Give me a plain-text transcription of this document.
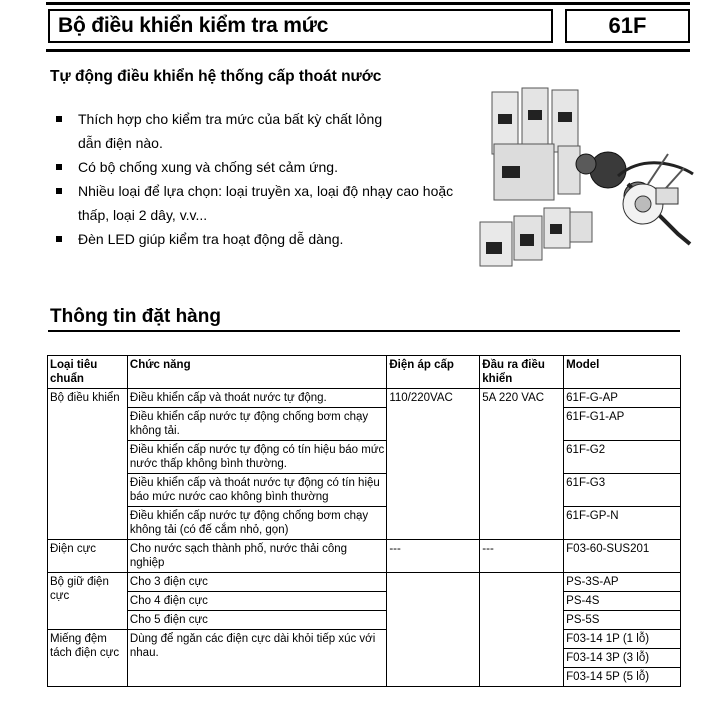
Bộ điều khiển kiểm tra mức	61F
Tự động điều khiển hệ thống cấp thoát nước
Thích hợp cho kiểm tra mức của bất kỳ chất lỏng dẫn điện nào.
Có bộ chống xung và chống sét cảm ứng.
Nhiều loại để lựa chọn: loại truyền xa, loại độ nhạy cao hoặc thấp, loại 2 dây, v.v...
Đèn LED giúp kiểm tra hoạt động dễ dàng.
Thông tin đặt hàng
Loại tiêu chuẩn	Chức năng	Điện áp cấp	Đầu ra điều khiển	Model
Bộ điều khiển	Điều khiển cấp và thoát nước tự động.	110/220VAC	5A 220 VAC	61F-G-AP
	Điều khiển cấp nước tự động chống bơm chạy không tải.			61F-G1-AP
	Điều khiển cấp nước tự động có tín hiệu báo mức nước thấp không bình thường.			61F-G2
	Điều khiển cấp và thoát nước tự động có tín hiệu báo mức nước cao không bình thường			61F-G3
	Điều khiển cấp nước tự động chống bơm chạy không tải (có đế cắm nhỏ, gọn)			61F-GP-N
Điện cực	Cho nước sạch thành phố, nước thải công nghiệp	---	---	F03-60-SUS201
Bộ giữ điện cực	Cho 3 điện cực			PS-3S-AP
	Cho 4 điện cực			PS-4S
	Cho 5 điện cực			PS-5S
Miếng đệm tách điện cực	Dùng để ngăn các điện cực dài khỏi tiếp xúc với nhau.			F03-14 1P (1 lỗ)
				F03-14 3P (3 lỗ)
				F03-14 5P (5 lỗ)
